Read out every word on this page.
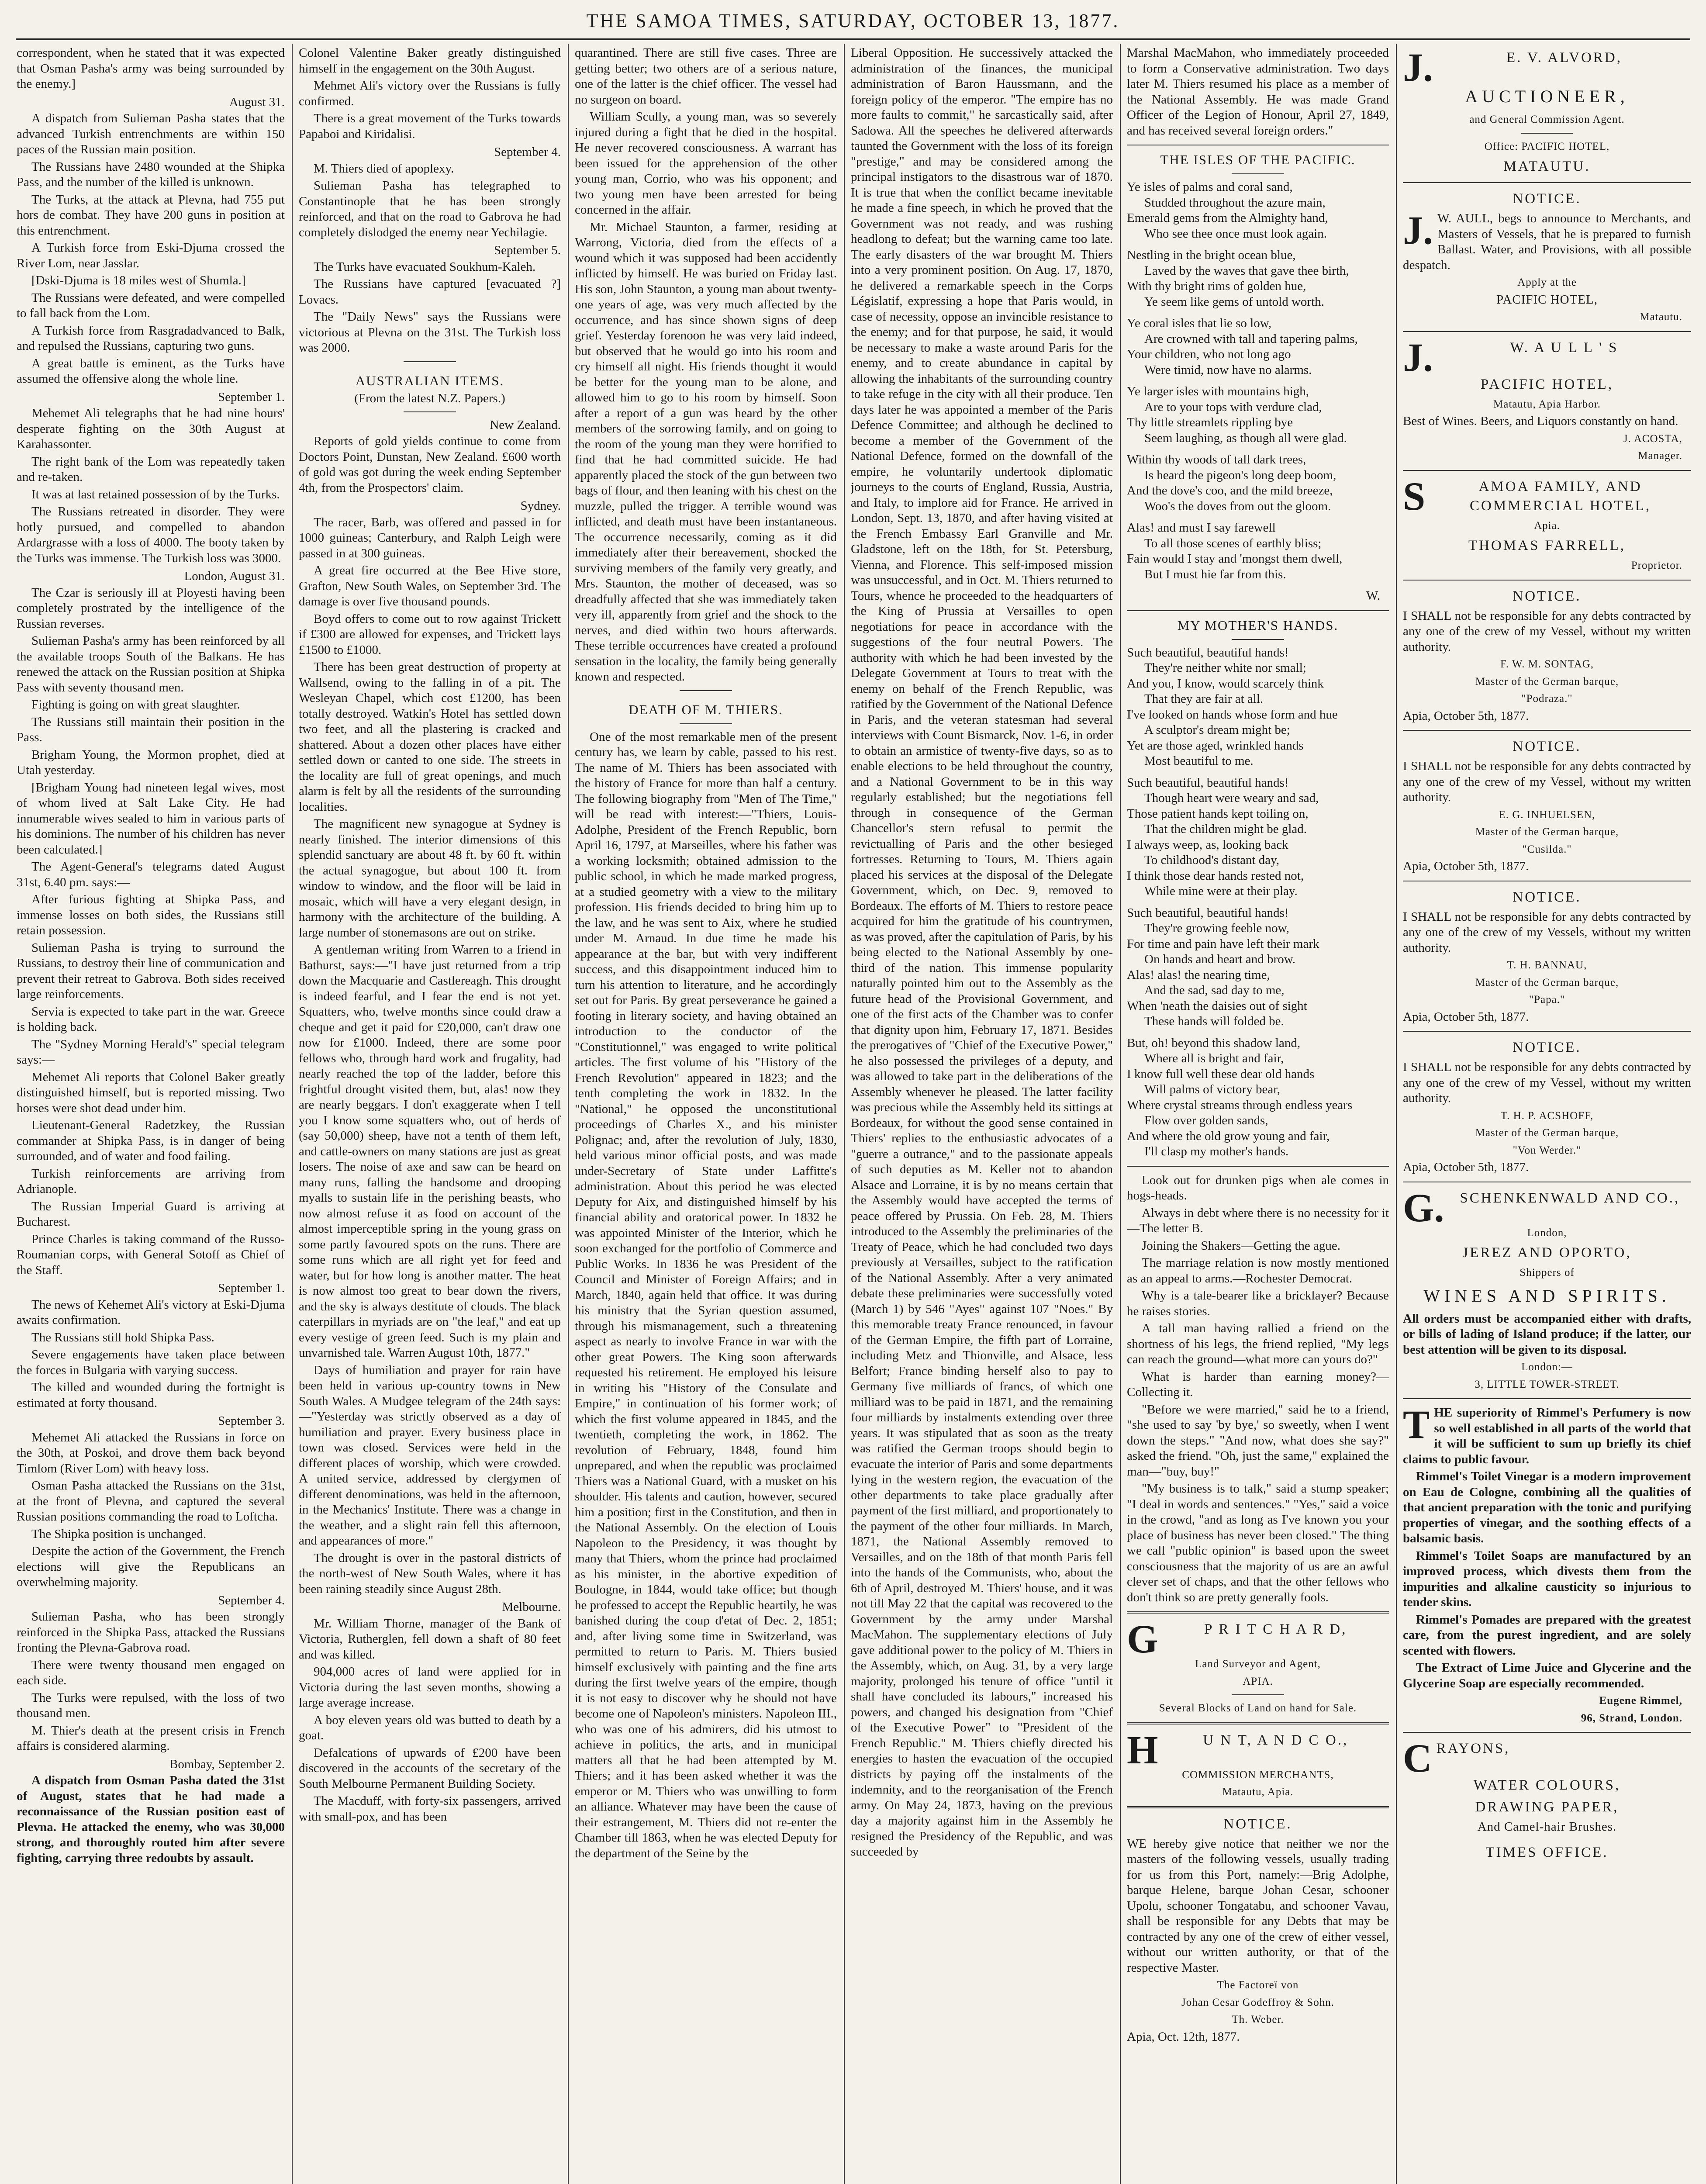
THE SAMOA TIMES, SATURDAY, OCTOBER 13, 1877.

correspondent, when he stated that it was expected that Osman Pasha's army was being surrounded by the enemy.]

August 31.

A dispatch from Sulieman Pasha states that the advanced Turkish entrenchments are within 150 paces of the Russian main position.

The Russians have 2480 wounded at the Shipka Pass, and the number of the killed is unknown.

The Turks, at the attack at Plevna, had 755 put hors de combat. They have 200 guns in position at this entrenchment.

A Turkish force from Eski-Djuma crossed the River Lom, near Jasslar.

[Dski-Djuma is 18 miles west of Shumla.]

The Russians were defeated, and were compelled to fall back from the Lom.

A Turkish force from Rasgradadvanced to Balk, and repulsed the Russians, capturing two guns.

A great battle is eminent, as the Turks have assumed the offensive along the whole line.

September 1.

Mehemet Ali telegraphs that he had nine hours' desperate fighting on the 30th August at Karahassonter.

The right bank of the Lom was repeatedly taken and re-taken.

It was at last retained possession of by the Turks.

The Russians retreated in disorder. They were hotly pursued, and compelled to abandon Ardargrasse with a loss of 4000. The booty taken by the Turks was immense. The Turkish loss was 3000.

London, August 31.

The Czar is seriously ill at Ployesti having been completely prostrated by the intelligence of the Russian reverses.

Sulieman Pasha's army has been reinforced by all the available troops South of the Balkans. He has renewed the attack on the Russian position at Shipka Pass with seventy thousand men.

Fighting is going on with great slaughter.

The Russians still maintain their position in the Pass.

Brigham Young, the Mormon prophet, died at Utah yesterday.

[Brigham Young had nineteen legal wives, most of whom lived at Salt Lake City. He had innumerable wives sealed to him in various parts of his dominions. The number of his children has never been calculated.]

The Agent-General's telegrams dated August 31st, 6.40 pm. says:—

After furious fighting at Shipka Pass, and immense losses on both sides, the Russians still retain possession.

Sulieman Pasha is trying to surround the Russians, to destroy their line of communication and prevent their retreat to Gabrova. Both sides received large reinforcements.

Servia is expected to take part in the war. Greece is holding back.

The "Sydney Morning Herald's" special telegram says:—

Mehemet Ali reports that Colonel Baker greatly distinguished himself, but is reported missing. Two horses were shot dead under him.

Lieutenant-General Radetzkey, the Russian commander at Shipka Pass, is in danger of being surrounded, and of water and food failing.

Turkish reinforcements are arriving from Adrianople.

The Russian Imperial Guard is arriving at Bucharest.

Prince Charles is taking command of the Russo-Roumanian corps, with General Sotoff as Chief of the Staff.

September 1.

The news of Kehemet Ali's victory at Eski-Djuma awaits confirmation.

The Russians still hold Shipka Pass.

Severe engagements have taken place between the forces in Bulgaria with varying success.

The killed and wounded during the fortnight is estimated at forty thousand.

September 3.

Mehemet Ali attacked the Russians in force on the 30th, at Poskoi, and drove them back beyond Timlom (River Lom) with heavy loss.

Osman Pasha attacked the Russians on the 31st, at the front of Plevna, and captured the several Russian positions commanding the road to Loftcha.

The Shipka position is unchanged.

Despite the action of the Government, the French elections will give the Republicans an overwhelming majority.

September 4.

Sulieman Pasha, who has been strongly reinforced in the Shipka Pass, attacked the Russians fronting the Plevna-Gabrova road.

There were twenty thousand men engaged on each side.

The Turks were repulsed, with the loss of two thousand men.

M. Thier's death at the present crisis in French affairs is considered alarming.

Bombay, September 2.

A dispatch from Osman Pasha dated the 31st of August, states that he had made a reconnaissance of the Russian position east of Plevna. He attacked the enemy, who was 30,000 strong, and thoroughly routed him after severe fighting, carrying three redoubts by assault.

Colonel Valentine Baker greatly distinguished himself in the engagement on the 30th August.

Mehmet Ali's victory over the Russians is fully confirmed.

There is a great movement of the Turks towards Papaboi and Kiridalisi.

September 4.

M. Thiers died of apoplexy.

Sulieman Pasha has telegraphed to Constantinople that he has been strongly reinforced, and that on the road to Gabrova he had completely dislodged the enemy near Yechilagie.

September 5.

The Turks have evacuated Soukhum-Kaleh.

The Russians have captured [evacuated ?] Lovacs.

The "Daily News" says the Russians were victorious at Plevna on the 31st. The Turkish loss was 2000.

AUSTRALIAN ITEMS.
(From the latest N.Z. Papers.)

New Zealand.

Reports of gold yields continue to come from Doctors Point, Dunstan, New Zealand. £600 worth of gold was got during the week ending September 4th, from the Prospectors' claim.

Sydney.

The racer, Barb, was offered and passed in for 1000 guineas; Canterbury, and Ralph Leigh were passed in at 300 guineas.

A great fire occurred at the Bee Hive store, Grafton, New South Wales, on September 3rd. The damage is over five thousand pounds.

Boyd offers to come out to row against Trickett if £300 are allowed for expenses, and Trickett lays £1500 to £1000.

There has been great destruction of property at Wallsend, owing to the falling in of a pit. The Wesleyan Chapel, which cost £1200, has been totally destroyed. Watkin's Hotel has settled down two feet, and all the plastering is cracked and shattered. About a dozen other places have either settled down or canted to one side. The streets in the locality are full of great openings, and much alarm is felt by all the residents of the surrounding localities.

The magnificent new synagogue at Sydney is nearly finished. The interior dimensions of this splendid sanctuary are about 48 ft. by 60 ft. within the actual synagogue, but about 100 ft. from window to window, and the floor will be laid in mosaic, which will have a very elegant design, in harmony with the architecture of the building. A large number of stonemasons are out on strike.

A gentleman writing from Warren to a friend in Bathurst, says:—"I have just returned from a trip down the Macquarie and Castlereagh. This drought is indeed fearful, and I fear the end is not yet. Squatters, who, twelve months since could draw a cheque and get it paid for £20,000, can't draw one now for £1000. Indeed, there are some poor fellows who, through hard work and frugality, had nearly reached the top of the ladder, before this frightful drought visited them, but, alas! now they are nearly beggars. I don't exaggerate when I tell you I know some squatters who, out of herds of (say 50,000) sheep, have not a tenth of them left, and cattle-owners on many stations are just as great losers. The noise of axe and saw can be heard on many runs, falling the handsome and drooping myalls to sustain life in the perishing beasts, who now almost refuse it as food on account of the almost imperceptible spring in the young grass on some partly favoured spots on the runs. There are some runs which are all right yet for feed and water, but for how long is another matter. The heat is now almost too great to bear down the rivers, and the sky is always destitute of clouds. The black caterpillars in myriads are on "the leaf," and eat up every vestige of green feed. Such is my plain and unvarnished tale. Warren August 10th, 1877."

Days of humiliation and prayer for rain have been held in various up-country towns in New South Wales. A Mudgee telegram of the 24th says:—"Yesterday was strictly observed as a day of humiliation and prayer. Every business place in town was closed. Services were held in the different places of worship, which were crowded. A united service, addressed by clergymen of different denominations, was held in the afternoon, in the Mechanics' Institute. There was a change in the weather, and a slight rain fell this afternoon, and appearances of more."

The drought is over in the pastoral districts of the north-west of New South Wales, where it has been raining steadily since August 28th.

Melbourne.

Mr. William Thorne, manager of the Bank of Victoria, Rutherglen, fell down a shaft of 80 feet and was killed.

904,000 acres of land were applied for in Victoria during the last seven months, showing a large average increase.

A boy eleven years old was butted to death by a goat.

Defalcations of upwards of £200 have been discovered in the accounts of the secretary of the South Melbourne Permanent Building Society.

The Macduff, with forty-six passengers, arrived with small-pox, and has been

quarantined. There are still five cases. Three are getting better; two others are of a serious nature, one of the latter is the chief officer. The vessel had no surgeon on board.

William Scully, a young man, was so severely injured during a fight that he died in the hospital. He never recovered consciousness. A warrant has been issued for the apprehension of the other young man, Corrio, who was his opponent; and two young men have been arrested for being concerned in the affair.

Mr. Michael Staunton, a farmer, residing at Warrong, Victoria, died from the effects of a wound which it was supposed had been accidently inflicted by himself. He was buried on Friday last. His son, John Staunton, a young man about twenty-one years of age, was very much affected by the occurrence, and has since shown signs of deep grief. Yesterday forenoon he was very laid indeed, but observed that he would go into his room and cry himself all night. His friends thought it would be better for the young man to be alone, and allowed him to go to his room by himself. Soon after a report of a gun was heard by the other members of the sorrowing family, and on going to the room of the young man they were horrified to find that he had committed suicide. He had apparently placed the stock of the gun between two bags of flour, and then leaning with his chest on the muzzle, pulled the trigger. A terrible wound was inflicted, and death must have been instantaneous. The occurrence necessarily, coming as it did immediately after their bereavement, shocked the surviving members of the family very greatly, and Mrs. Staunton, the mother of deceased, was so dreadfully affected that she was immediately taken very ill, apparently from grief and the shock to the nerves, and died within two hours afterwards. These terrible occurrences have created a profound sensation in the locality, the family being generally known and respected.

DEATH OF M. THIERS.

One of the most remarkable men of the present century has, we learn by cable, passed to his rest. The name of M. Thiers has been associated with the history of France for more than half a century. The following biography from "Men of The Time," will be read with interest:—"Thiers, Louis-Adolphe, President of the French Republic, born April 16, 1797, at Marseilles, where his father was a working locksmith; obtained admission to the public school, in which he made marked progress, at a studied geometry with a view to the military profession. His friends decided to bring him up to the law, and he was sent to Aix, where he studied under M. Arnaud. In due time he made his appearance at the bar, but with very indifferent success, and this disappointment induced him to turn his attention to literature, and he accordingly set out for Paris. By great perseverance he gained a footing in literary society, and having obtained an introduction to the conductor of the "Constitutionnel," was engaged to write political articles. The first volume of his "History of the French Revolution" appeared in 1823; and the tenth completing the work in 1832. In the "National," he opposed the unconstitutional proceedings of Charles X., and his minister Polignac; and, after the revolution of July, 1830, held various minor official posts, and was made under-Secretary of State under Laffitte's administration. About this period he was elected Deputy for Aix, and distinguished himself by his financial ability and oratorical power. In 1832 he was appointed Minister of the Interior, which he soon exchanged for the portfolio of Commerce and Public Works. In 1836 he was President of the Council and Minister of Foreign Affairs; and in March, 1840, again held that office. It was during his ministry that the Syrian question assumed, through his mismanagement, such a threatening aspect as nearly to involve France in war with the other great Powers. The King soon afterwards requested his retirement. He employed his leisure in writing his "History of the Consulate and Empire," in continuation of his former work; of which the first volume appeared in 1845, and the twentieth, completing the work, in 1862. The revolution of February, 1848, found him unprepared, and when the republic was proclaimed Thiers was a National Guard, with a musket on his shoulder. His talents and caution, however, secured him a position; first in the Constitution, and then in the National Assembly. On the election of Louis Napoleon to the Presidency, it was thought by many that Thiers, whom the prince had proclaimed as his minister, in the abortive expedition of Boulogne, in 1844, would take office; but though he professed to accept the Republic heartily, he was banished during the coup d'etat of Dec. 2, 1851; and, after living some time in Switzerland, was permitted to return to Paris. M. Thiers busied himself exclusively with painting and the fine arts during the first twelve years of the empire, though it is not easy to discover why he should not have become one of Napoleon's ministers. Napoleon III., who was one of his admirers, did his utmost to achieve in politics, the arts, and in municipal matters all that he had been attempted by M. Thiers; and it has been asked whether it was the emperor or M. Thiers who was unwilling to form an alliance. Whatever may have been the cause of their estrangement, M. Thiers did not re-enter the Chamber till 1863, when he was elected Deputy for the department of the Seine by the

Liberal Opposition. He successively attacked the administration of the finances, the municipal administration of Baron Haussmann, and the foreign policy of the emperor. "The empire has no more faults to commit," he sarcastically said, after Sadowa. All the speeches he delivered afterwards taunted the Government with the loss of its foreign "prestige," and may be considered among the principal instigators to the disastrous war of 1870. It is true that when the conflict became inevitable he made a fine speech, in which he proved that the Government was not ready, and was rushing headlong to defeat; but the warning came too late. The early disasters of the war brought M. Thiers into a very prominent position. On Aug. 17, 1870, he delivered a remarkable speech in the Corps Législatif, expressing a hope that Paris would, in case of necessity, oppose an invincible resistance to the enemy; and for that purpose, he said, it would be necessary to make a waste around Paris for the enemy, and to create abundance in capital by allowing the inhabitants of the surrounding country to take refuge in the city with all their produce. Ten days later he was appointed a member of the Paris Defence Committee; and although he declined to become a member of the Government of the National Defence, formed on the downfall of the empire, he voluntarily undertook diplomatic journeys to the courts of England, Russia, Austria, and Italy, to implore aid for France. He arrived in London, Sept. 13, 1870, and after having visited at the French Embassy Earl Granville and Mr. Gladstone, left on the 18th, for St. Petersburg, Vienna, and Florence. This self-imposed mission was unsuccessful, and in Oct. M. Thiers returned to Tours, whence he proceeded to the headquarters of the King of Prussia at Versailles to open negotiations for peace in accordance with the suggestions of the four neutral Powers. The authority with which he had been invested by the Delegate Government at Tours to treat with the enemy on behalf of the French Republic, was ratified by the Government of the National Defence in Paris, and the veteran statesman had several interviews with Count Bismarck, Nov. 1-6, in order to obtain an armistice of twenty-five days, so as to enable elections to be held throughout the country, and a National Government to be in this way regularly established; but the negotiations fell through in consequence of the German Chancellor's stern refusal to permit the revictualling of Paris and the other besieged fortresses. Returning to Tours, M. Thiers again placed his services at the disposal of the Delegate Government, which, on Dec. 9, removed to Bordeaux. The efforts of M. Thiers to restore peace acquired for him the gratitude of his countrymen, as was proved, after the capitulation of Paris, by his being elected to the National Assembly by one-third of the nation. This immense popularity naturally pointed him out to the Assembly as the future head of the Provisional Government, and one of the first acts of the Chamber was to confer that dignity upon him, February 17, 1871. Besides the prerogatives of "Chief of the Executive Power," he also possessed the privileges of a deputy, and was allowed to take part in the deliberations of the Assembly whenever he pleased. The latter facility was precious while the Assembly held its sittings at Bordeaux, for without the good sense contained in Thiers' replies to the enthusiastic advocates of a "guerre a outrance," and to the passionate appeals of such deputies as M. Keller not to abandon Alsace and Lorraine, it is by no means certain that the Assembly would have accepted the terms of peace offered by Prussia. On Feb. 28, M. Thiers introduced to the Assembly the preliminaries of the Treaty of Peace, which he had concluded two days previously at Versailles, subject to the ratification of the National Assembly. After a very animated debate these preliminaries were successfully voted (March 1) by 546 "Ayes" against 107 "Noes." By this memorable treaty France renounced, in favour of the German Empire, the fifth part of Lorraine, including Metz and Thionville, and Alsace, less Belfort; France binding herself also to pay to Germany five milliards of francs, of which one milliard was to be paid in 1871, and the remaining four milliards by instalments extending over three years. It was stipulated that as soon as the treaty was ratified the German troops should begin to evacuate the interior of Paris and some departments lying in the western region, the evacuation of the other departments to take place gradually after payment of the first milliard, and proportionately to the payment of the other four milliards. In March, 1871, the National Assembly removed to Versailles, and on the 18th of that month Paris fell into the hands of the Communists, who, about the 6th of April, destroyed M. Thiers' house, and it was not till May 22 that the capital was recovered to the Government by the army under Marshal MacMahon. The supplementary elections of July gave additional power to the policy of M. Thiers in the Assembly, which, on Aug. 31, by a very large majority, prolonged his tenure of office "until it shall have concluded its labours," increased his powers, and changed his designation from "Chief of the Executive Power" to "President of the French Republic." M. Thiers chiefly directed his energies to hasten the evacuation of the occupied districts by paying off the instalments of the indemnity, and to the reorganisation of the French army. On May 24, 1873, having on the previous day a majority against him in the Assembly he resigned the Presidency of the Republic, and was succeeded by

Marshal MacMahon, who immediately proceeded to form a Conservative administration. Two days later M. Thiers resumed his place as a member of the National Assembly. He was made Grand Officer of the Legion of Honour, April 27, 1849, and has received several foreign orders."

THE ISLES OF THE PACIFIC.

Ye isles of palms and coral sand,

Studded throughout the azure main,

Emerald gems from the Almighty hand,

Who see thee once must look again.

Nestling in the bright ocean blue,

Laved by the waves that gave thee birth,

With thy bright rims of golden hue,

Ye seem like gems of untold worth.

Ye coral isles that lie so low,

Are crowned with tall and tapering palms,

Your children, who not long ago

Were timid, now have no alarms.

Ye larger isles with mountains high,

Are to your tops with verdure clad,

Thy little streamlets rippling bye

Seem laughing, as though all were glad.

Within thy woods of tall dark trees,

Is heard the pigeon's long deep boom,

And the dove's coo, and the mild breeze,

Woo's the doves from out the gloom.

Alas! and must I say farewell

To all those scenes of earthly bliss;

Fain would I stay and 'mongst them dwell,

But I must hie far from this.

W.

MY MOTHER'S HANDS.

Such beautiful, beautiful hands!

They're neither white nor small;

And you, I know, would scarcely think

That they are fair at all.

I've looked on hands whose form and hue

A sculptor's dream might be;

Yet are those aged, wrinkled hands

Most beautiful to me.

Such beautiful, beautiful hands!

Though heart were weary and sad,

Those patient hands kept toiling on,

That the children might be glad.

I always weep, as, looking back

To childhood's distant day,

I think those dear hands rested not,

While mine were at their play.

Such beautiful, beautiful hands!

They're growing feeble now,

For time and pain have left their mark

On hands and heart and brow.

Alas! alas! the nearing time,

And the sad, sad day to me,

When 'neath the daisies out of sight

These hands will folded be.

But, oh! beyond this shadow land,

Where all is bright and fair,

I know full well these dear old hands

Will palms of victory bear,

Where crystal streams through endless years

Flow over golden sands,

And where the old grow young and fair,

I'll clasp my mother's hands.

Look out for drunken pigs when ale comes in hogs-heads.

Always in debt where there is no necessity for it—The letter B.

Joining the Shakers—Getting the ague.

The marriage relation is now mostly mentioned as an appeal to arms.—Rochester Democrat.

Why is a tale-bearer like a bricklayer? Because he raises stories.

A tall man having rallied a friend on the shortness of his legs, the friend replied, "My legs can reach the ground—what more can yours do?"

What is harder than earning money?—Collecting it.

"Before we were married," said he to a friend, "she used to say 'by bye,' so sweetly, when I went down the steps." "And now, what does she say?" asked the friend. "Oh, just the same," explained the man—"buy, buy!"

"My business is to talk," said a stump speaker; "I deal in words and sentences." "Yes," said a voice in the crowd, "and as long as I've known you your place of business has never been closed." The thing we call "public opinion" is based upon the sweet consciousness that the majority of us are an awful clever set of chaps, and that the other fellows who don't think so are pretty generally fools.

G	P R I T C H A R D,
Land Surveyor and Agent,
APIA.
Several Blocks of Land on hand for Sale.
H	U N T, A N D C O.,
COMMISSION MERCHANTS,
Matautu, Apia.
NOTICE.

WE hereby give notice that neither we nor the masters of the following vessels, usually trading for us from this Port, namely:—Brig Adolphe, barque Helene, barque Johan Cesar, schooner Upolu, schooner Tongatabu, and schooner Vavau, shall be responsible for any Debts that may be contracted by any one of the crew of either vessel, without our written authority, or that of the respective Master.

The Factoreï von
Johan Cesar Godeffroy & Sohn.
Th. Weber.

Apia, Oct. 12th, 1877.

J.	E. V. ALVORD,
AUCTIONEER,
and General Commission Agent.
Office: PACIFIC HOTEL,
MATAUTU.
NOTICE.
J. W. AULL, begs to announce to Merchants, and Masters of Vessels, that he is prepared to furnish Ballast. Water, and Provisions, with all possible despatch.

Apply at the
PACIFIC HOTEL,
Matautu.
J.	W. A U L L ' S
PACIFIC HOTEL,
Matautu, Apia Harbor.

Best of Wines. Beers, and Liquors constantly on hand.

J. ACOSTA,
Manager.
S	AMOA FAMILY, AND COMMERCIAL HOTEL,
Apia.
THOMAS FARRELL,
Proprietor.
NOTICE.

I SHALL not be responsible for any debts contracted by any one of the crew of my Vessel, without my written authority.

F. W. M. SONTAG,
Master of the German barque,
"Podraza."

Apia, October 5th, 1877.

NOTICE.

I SHALL not be responsible for any debts contracted by any one of the crew of my Vessel, without my written authority.

E. G. INHUELSEN,
Master of the German barque,
"Cusilda."

Apia, October 5th, 1877.

NOTICE.

I SHALL not be responsible for any debts contracted by any one of the crew of my Vessels, without my written authority.

T. H. BANNAU,
Master of the German barque,
"Papa."

Apia, October 5th, 1877.

NOTICE.

I SHALL not be responsible for any debts contracted by any one of the crew of my Vessel, without my written authority.

T. H. P. ACSHOFF,
Master of the German barque,
"Von Werder."

Apia, October 5th, 1877.

G.	SCHENKENWALD AND CO.,
London,
JEREZ AND OPORTO,
Shippers of
WINES AND SPIRITS.

All orders must be accompanied either with drafts, or bills of lading of Island produce; if the latter, our best attention will be given to its disposal.

London:—
3, LITTLE TOWER-STREET.
T HE superiority of Rimmel's Perfumery is now so well established in all parts of the world that it will be sufficient to sum up briefly its chief claims to public favour.

Rimmel's Toilet Vinegar is a modern improvement on Eau de Cologne, combining all the qualities of that ancient preparation with the tonic and purifying properties of vinegar, and the soothing effects of a balsamic basis.

Rimmel's Toilet Soaps are manufactured by an improved process, which divests them from the impurities and alkaline causticity so injurious to tender skins.

Rimmel's Pomades are prepared with the greatest care, from the purest ingredient, and are solely scented with flowers.

The Extract of Lime Juice and Glycerine and the Glycerine Soap are especially recommended.

Eugene Rimmel,
96, Strand, London.
C RAYONS,
WATER COLOURS,
DRAWING PAPER,
And Camel-hair Brushes.
TIMES OFFICE.
